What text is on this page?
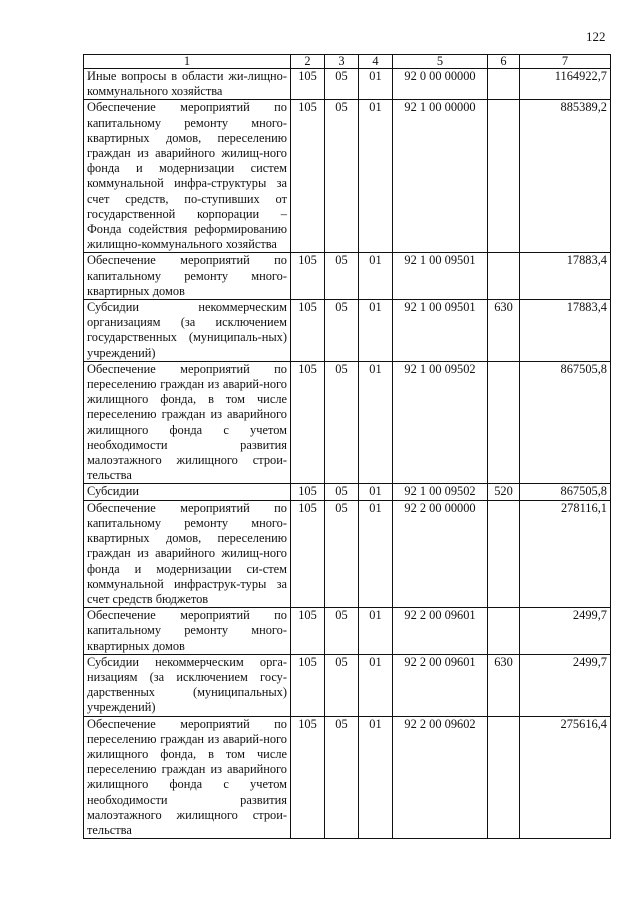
122
1	2	3	4	5	6	7
Иные вопросы в области жи-лищно-коммунального хозяйства	105	05	01	92 0 00 00000		1164922,7
Обеспечение мероприятий по капитальному ремонту много-квартирных домов, переселению граждан из аварийного жилищ-ного фонда и модернизации систем коммунальной инфра-структуры за счет средств, по-ступивших от государственной корпорации – Фонда содействия реформированию жилищно-коммунального хозяйства	105	05	01	92 1 00 00000		885389,2
Обеспечение мероприятий по капитальному ремонту много-квартирных домов	105	05	01	92 1 00 09501		17883,4
Субсидии некоммерческим организациям (за исключением государственных (муниципаль-ных) учреждений)	105	05	01	92 1 00 09501	630	17883,4
Обеспечение мероприятий по переселению граждан из аварий-ного жилищного фонда, в том числе переселению граждан из аварийного жилищного фонда с учетом необходимости развития малоэтажного жилищного строи-тельства	105	05	01	92 1 00 09502		867505,8
Субсидии	105	05	01	92 1 00 09502	520	867505,8
Обеспечение мероприятий по капитальному ремонту много-квартирных домов, переселению граждан из аварийного жилищ-ного фонда и модернизации си-стем коммунальной инфраструк-туры за счет средств бюджетов	105	05	01	92 2 00 00000		278116,1
Обеспечение мероприятий по капитальному ремонту много-квартирных домов	105	05	01	92 2 00 09601		2499,7
Субсидии некоммерческим орга-низациям (за исключением госу-дарственных (муниципальных) учреждений)	105	05	01	92 2 00 09601	630	2499,7
Обеспечение мероприятий по переселению граждан из аварий-ного жилищного фонда, в том числе переселению граждан из аварийного жилищного фонда с учетом необходимости развития малоэтажного жилищного строи-тельства	105	05	01	92 2 00 09602		275616,4
